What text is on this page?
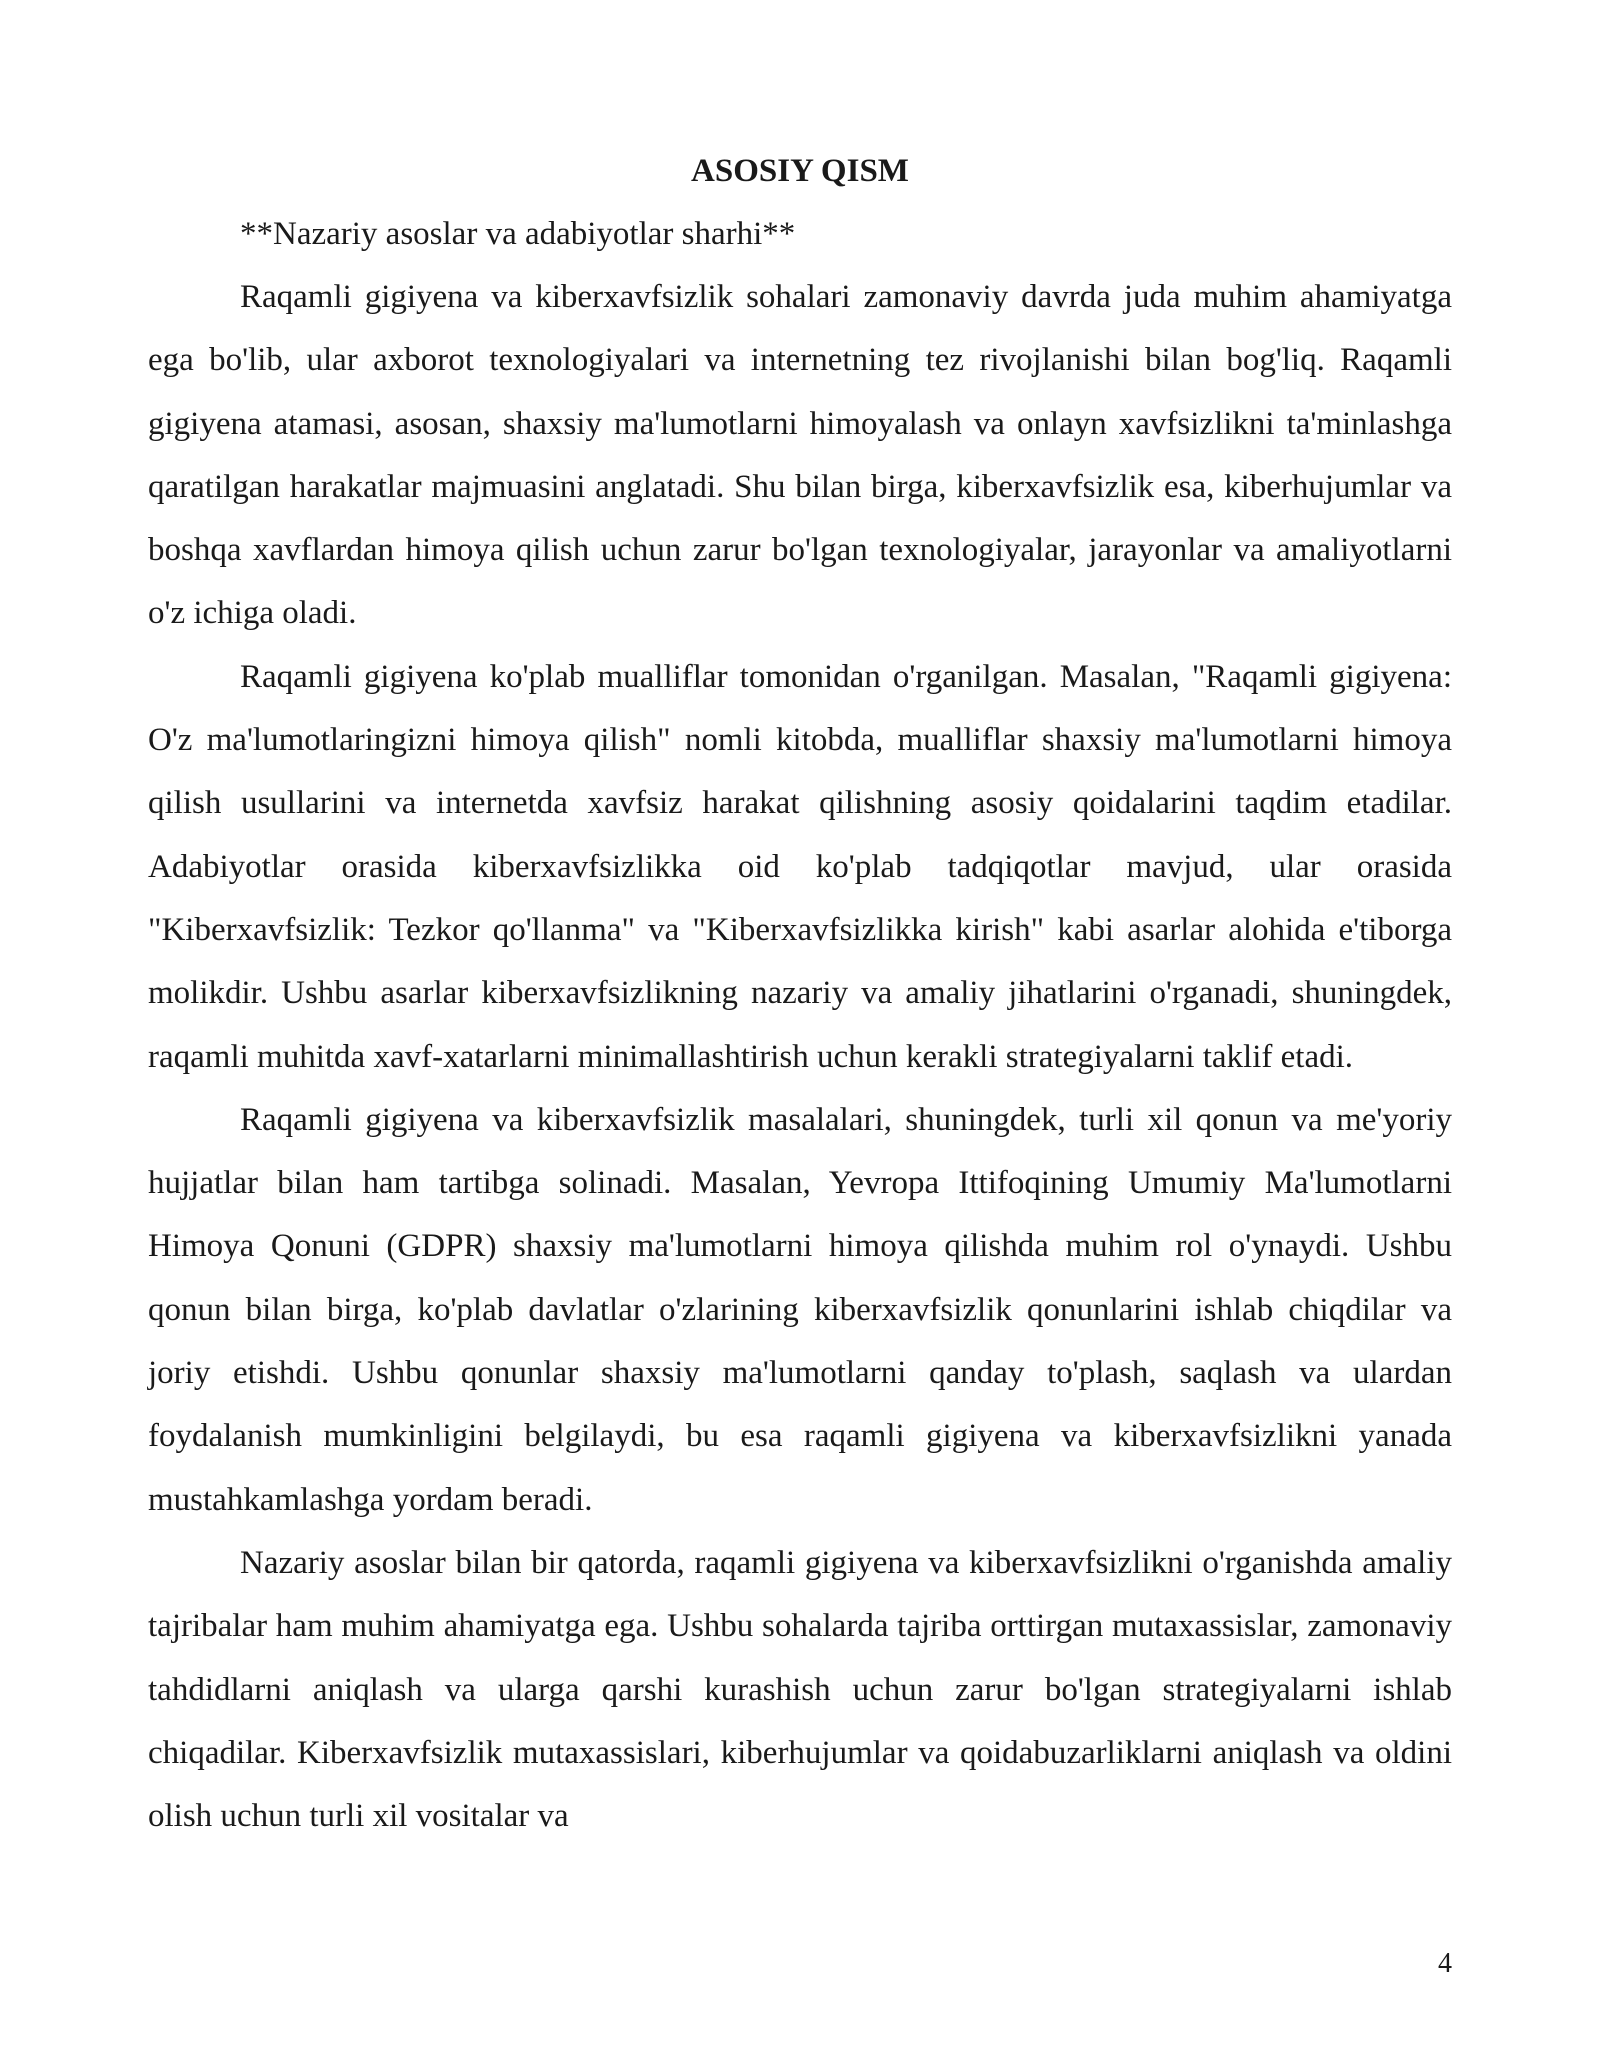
ASOSIY QISM

**Nazariy asoslar va adabiyotlar sharhi**

Raqamli gigiyena va kiberxavfsizlik sohalari zamonaviy davrda juda muhim ahamiyatga ega bo'lib, ular axborot texnologiyalari va internetning tez rivojlanishi bilan bog'liq. Raqamli gigiyena atamasi, asosan, shaxsiy ma'lumotlarni himoyalash va onlayn xavfsizlikni ta'minlashga qaratilgan harakatlar majmuasini anglatadi. Shu bilan birga, kiberxavfsizlik esa, kiberhujumlar va boshqa xavflardan himoya qilish uchun zarur bo'lgan texnologiyalar, jarayonlar va amaliyotlarni o'z ichiga oladi.

Raqamli gigiyena ko'plab mualliflar tomonidan o'rganilgan. Masalan, "Raqamli gigiyena: O'z ma'lumotlaringizni himoya qilish" nomli kitobda, mualliflar shaxsiy ma'lumotlarni himoya qilish usullarini va internetda xavfsiz harakat qilishning asosiy qoidalarini taqdim etadilar. Adabiyotlar orasida kiberxavfsizlikka oid ko'plab tadqiqotlar mavjud, ular orasida "Kiberxavfsizlik: Tezkor qo'llanma" va "Kiberxavfsizlikka kirish" kabi asarlar alohida e'tiborga molikdir. Ushbu asarlar kiberxavfsizlikning nazariy va amaliy jihatlarini o'rganadi, shuningdek, raqamli muhitda xavf-xatarlarni minimallashtirish uchun kerakli strategiyalarni taklif etadi.

Raqamli gigiyena va kiberxavfsizlik masalalari, shuningdek, turli xil qonun va me'yoriy hujjatlar bilan ham tartibga solinadi. Masalan, Yevropa Ittifoqining Umumiy Ma'lumotlarni Himoya Qonuni (GDPR) shaxsiy ma'lumotlarni himoya qilishda muhim rol o'ynaydi. Ushbu qonun bilan birga, ko'plab davlatlar o'zlarining kiberxavfsizlik qonunlarini ishlab chiqdilar va joriy etishdi. Ushbu qonunlar shaxsiy ma'lumotlarni qanday to'plash, saqlash va ulardan foydalanish mumkinligini belgilaydi, bu esa raqamli gigiyena va kiberxavfsizlikni yanada mustahkamlashga yordam beradi.

Nazariy asoslar bilan bir qatorda, raqamli gigiyena va kiberxavfsizlikni o'rganishda amaliy tajribalar ham muhim ahamiyatga ega. Ushbu sohalarda tajriba orttirgan mutaxassislar, zamonaviy tahdidlarni aniqlash va ularga qarshi kurashish uchun zarur bo'lgan strategiyalarni ishlab chiqadilar. Kiberxavfsizlik mutaxassislari, kiberhujumlar va qoidabuzarliklarni aniqlash va oldini olish uchun turli xil vositalar va

4
